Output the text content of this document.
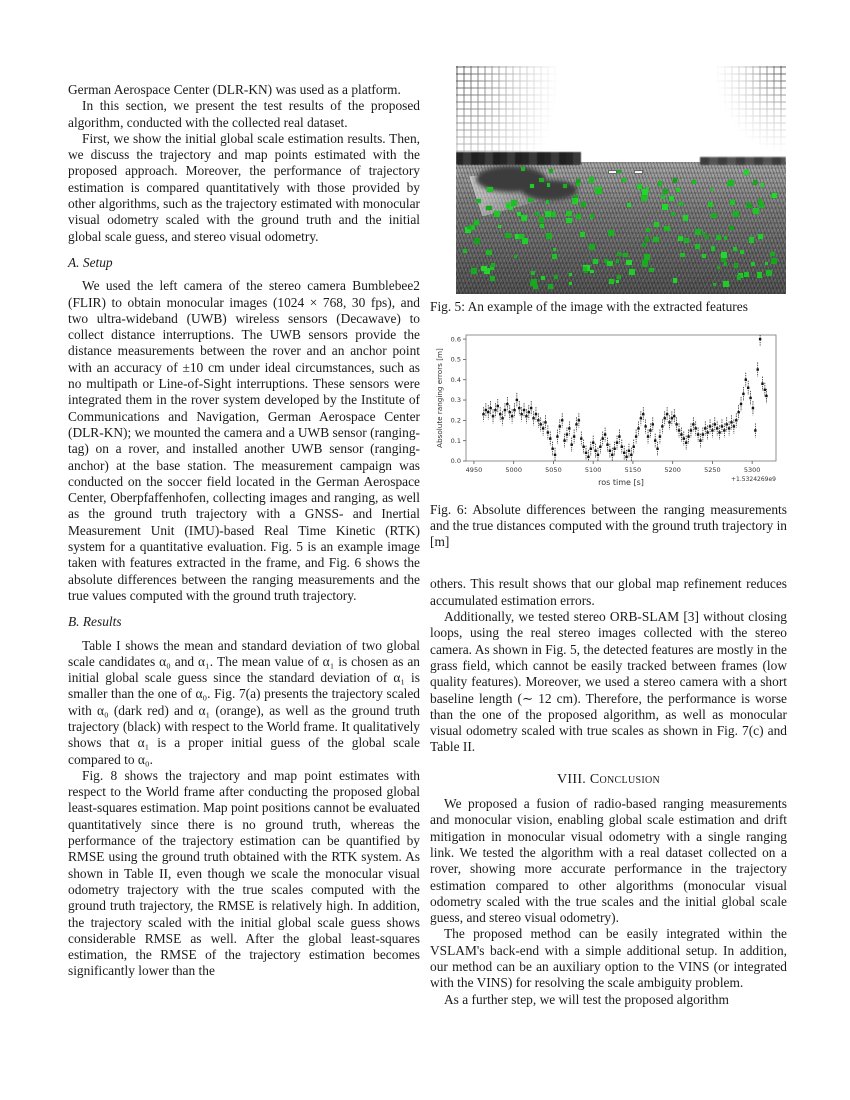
German Aerospace Center (DLR-KN) was used as a platform.

In this section, we present the test results of the proposed algorithm, conducted with the collected real dataset.

First, we show the initial global scale estimation results. Then, we discuss the trajectory and map points estimated with the proposed approach. Moreover, the performance of trajectory estimation is compared quantitatively with those provided by other algorithms, such as the trajectory estimated with monocular visual odometry scaled with the ground truth and the initial global scale guess, and stereo visual odometry.

A. Setup

We used the left camera of the stereo camera Bumblebee2 (FLIR) to obtain monocular images (1024 × 768, 30 fps), and two ultra-wideband (UWB) wireless sensors (Decawave) to collect distance interruptions. The UWB sensors provide the distance measurements between the rover and an anchor point with an accuracy of ±10 cm under ideal circumstances, such as no multipath or Line-of-Sight interruptions. These sensors were integrated them in the rover system developed by the Institute of Communications and Navigation, German Aerospace Center (DLR-KN); we mounted the camera and a UWB sensor (ranging-tag) on a rover, and installed another UWB sensor (ranging-anchor) at the base station. The measurement campaign was conducted on the soccer field located in the German Aerospace Center, Oberpfaffenhofen, collecting images and ranging, as well as the ground truth trajectory with a GNSS- and Inertial Measurement Unit (IMU)-based Real Time Kinetic (RTK) system for a quantitative evaluation. Fig. 5 is an example image taken with features extracted in the frame, and Fig. 6 shows the absolute differences between the ranging measurements and the true values computed with the ground truth trajectory.

B. Results

Table I shows the mean and standard deviation of two global scale candidates α₀ and α₁. The mean value of α₁ is chosen as an initial global scale guess since the standard deviation of α₁ is smaller than the one of α₀. Fig. 7(a) presents the trajectory scaled with α₀ (dark red) and α₁ (orange), as well as the ground truth trajectory (black) with respect to the World frame. It qualitatively shows that α₁ is a proper initial guess of the global scale compared to α₀.

Fig. 8 shows the trajectory and map point estimates with respect to the World frame after conducting the proposed global least-squares estimation. Map point positions cannot be evaluated quantitatively since there is no ground truth, whereas the performance of the trajectory estimation can be quantified by RMSE using the ground truth obtained with the RTK system. As shown in Table II, even though we scale the monocular visual odometry trajectory with the true scales computed with the ground truth trajectory, the RMSE is relatively high. In addition, the trajectory scaled with the initial global scale guess shows considerable RMSE as well. After the global least-squares estimation, the RMSE of the trajectory estimation becomes significantly lower than the

Fig. 5: An example of the image with the extracted features

4950	5000	5050	5100	5150	5200	5250	5300
0.0
0.1
0.2
0.3
0.4
0.5
0.6
ros time [s]
Absolute ranging errors [m]
+1.5324269e9

Fig. 6: Absolute differences between the ranging measurements and the true distances computed with the ground truth trajectory in [m]

others. This result shows that our global map refinement reduces accumulated estimation errors.

Additionally, we tested stereo ORB-SLAM [3] without closing loops, using the real stereo images collected with the stereo camera. As shown in Fig. 5, the detected features are mostly in the grass field, which cannot be easily tracked between frames (low quality features). Moreover, we used a stereo camera with a short baseline length (∼ 12 cm). Therefore, the performance is worse than the one of the proposed algorithm, as well as monocular visual odometry scaled with true scales as shown in Fig. 7(c) and Table II.

VIII. Conclusion

We proposed a fusion of radio-based ranging measurements and monocular vision, enabling global scale estimation and drift mitigation in monocular visual odometry with a single ranging link. We tested the algorithm with a real dataset collected on a rover, showing more accurate performance in the trajectory estimation compared to other algorithms (monocular visual odometry scaled with the true scales and the initial global scale guess, and stereo visual odometry).

The proposed method can be easily integrated within the VSLAM's back-end with a simple additional setup. In addition, our method can be an auxiliary option to the VINS (or integrated with the VINS) for resolving the scale ambiguity problem.

As a further step, we will test the proposed algorithm
